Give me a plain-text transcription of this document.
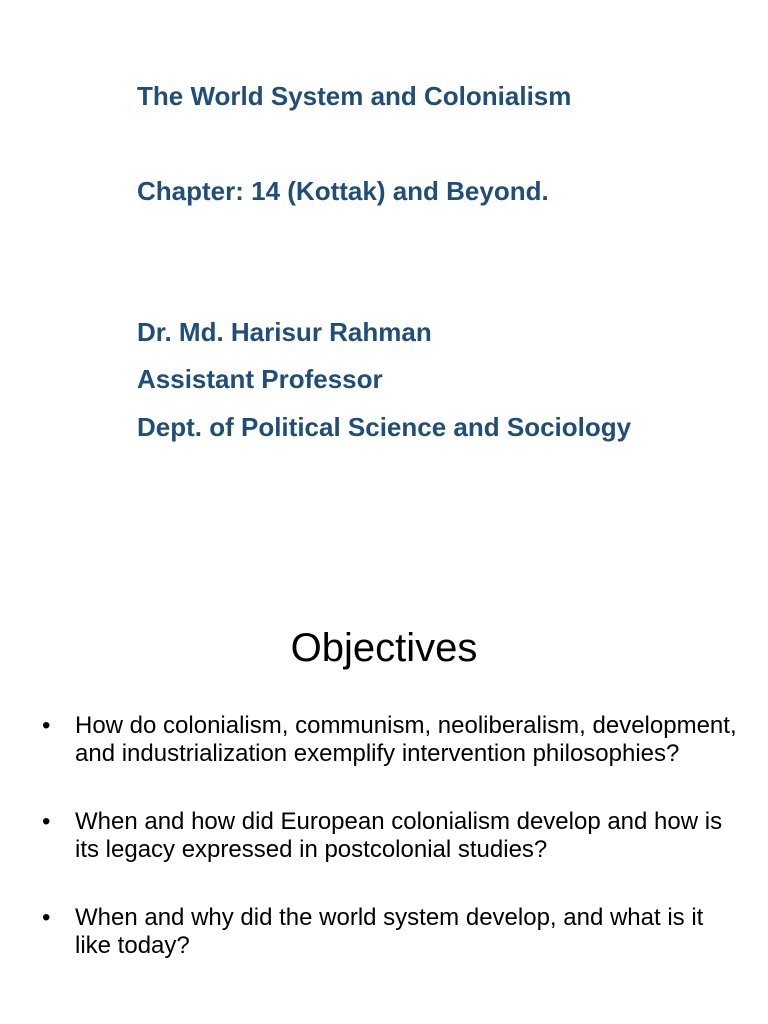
The World System and Colonialism
Chapter: 14 (Kottak) and Beyond.
Dr. Md. Harisur Rahman
Assistant Professor
Dept. of Political Science and Sociology
Objectives
• How do colonialism, communism, neoliberalism, development, and industrialization exemplify intervention philosophies?
• When and how did European colonialism develop and how is its legacy expressed in postcolonial studies?
• When and why did the world system develop, and what is it like today?
